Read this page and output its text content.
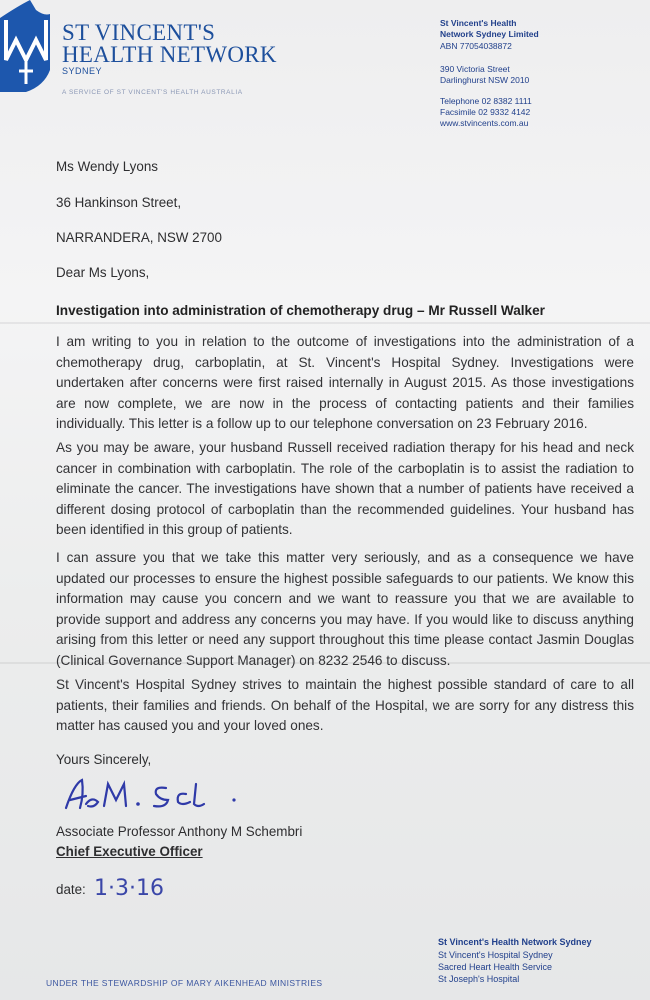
ST VINCENT'S
HEALTH NETWORK
SYDNEY
A SERVICE OF ST VINCENT'S HEALTH AUSTRALIA
St Vincent's Health
Network Sydney Limited
ABN 77054038872
390 Victoria Street
Darlinghurst NSW 2010
Telephone 02 8382 1111
Facsimile 02 9332 4142
www.stvincents.com.au
Ms Wendy Lyons
36 Hankinson Street,
NARRANDERA, NSW 2700
Dear Ms Lyons,
Investigation into administration of chemotherapy drug – Mr Russell Walker
I am writing to you in relation to the outcome of investigations into the administration of a chemotherapy drug, carboplatin, at St. Vincent's Hospital Sydney. Investigations were undertaken after concerns were first raised internally in August 2015. As those investigations are now complete, we are now in the process of contacting patients and their families individually. This letter is a follow up to our telephone conversation on 23 February 2016.
As you may be aware, your husband Russell received radiation therapy for his head and neck cancer in combination with carboplatin. The role of the carboplatin is to assist the radiation to eliminate the cancer. The investigations have shown that a number of patients have received a different dosing protocol of carboplatin than the recommended guidelines. Your husband has been identified in this group of patients.
I can assure you that we take this matter very seriously, and as a consequence we have updated our processes to ensure the highest possible safeguards to our patients. We know this information may cause you concern and we want to reassure you that we are available to provide support and address any concerns you may have. If you would like to discuss anything arising from this letter or need any support throughout this time please contact Jasmin Douglas (Clinical Governance Support Manager) on 8232 2546 to discuss.
St Vincent's Hospital Sydney strives to maintain the highest possible standard of care to all patients, their families and friends. On behalf of the Hospital, we are sorry for any distress this matter has caused you and your loved ones.
Yours Sincerely,
Associate Professor Anthony M Schembri
Chief Executive Officer
date: 1·3·16
UNDER THE STEWARDSHIP OF MARY AIKENHEAD MINISTRIES
St Vincent's Health Network Sydney
St Vincent's Hospital Sydney
Sacred Heart Health Service
St Joseph's Hospital
